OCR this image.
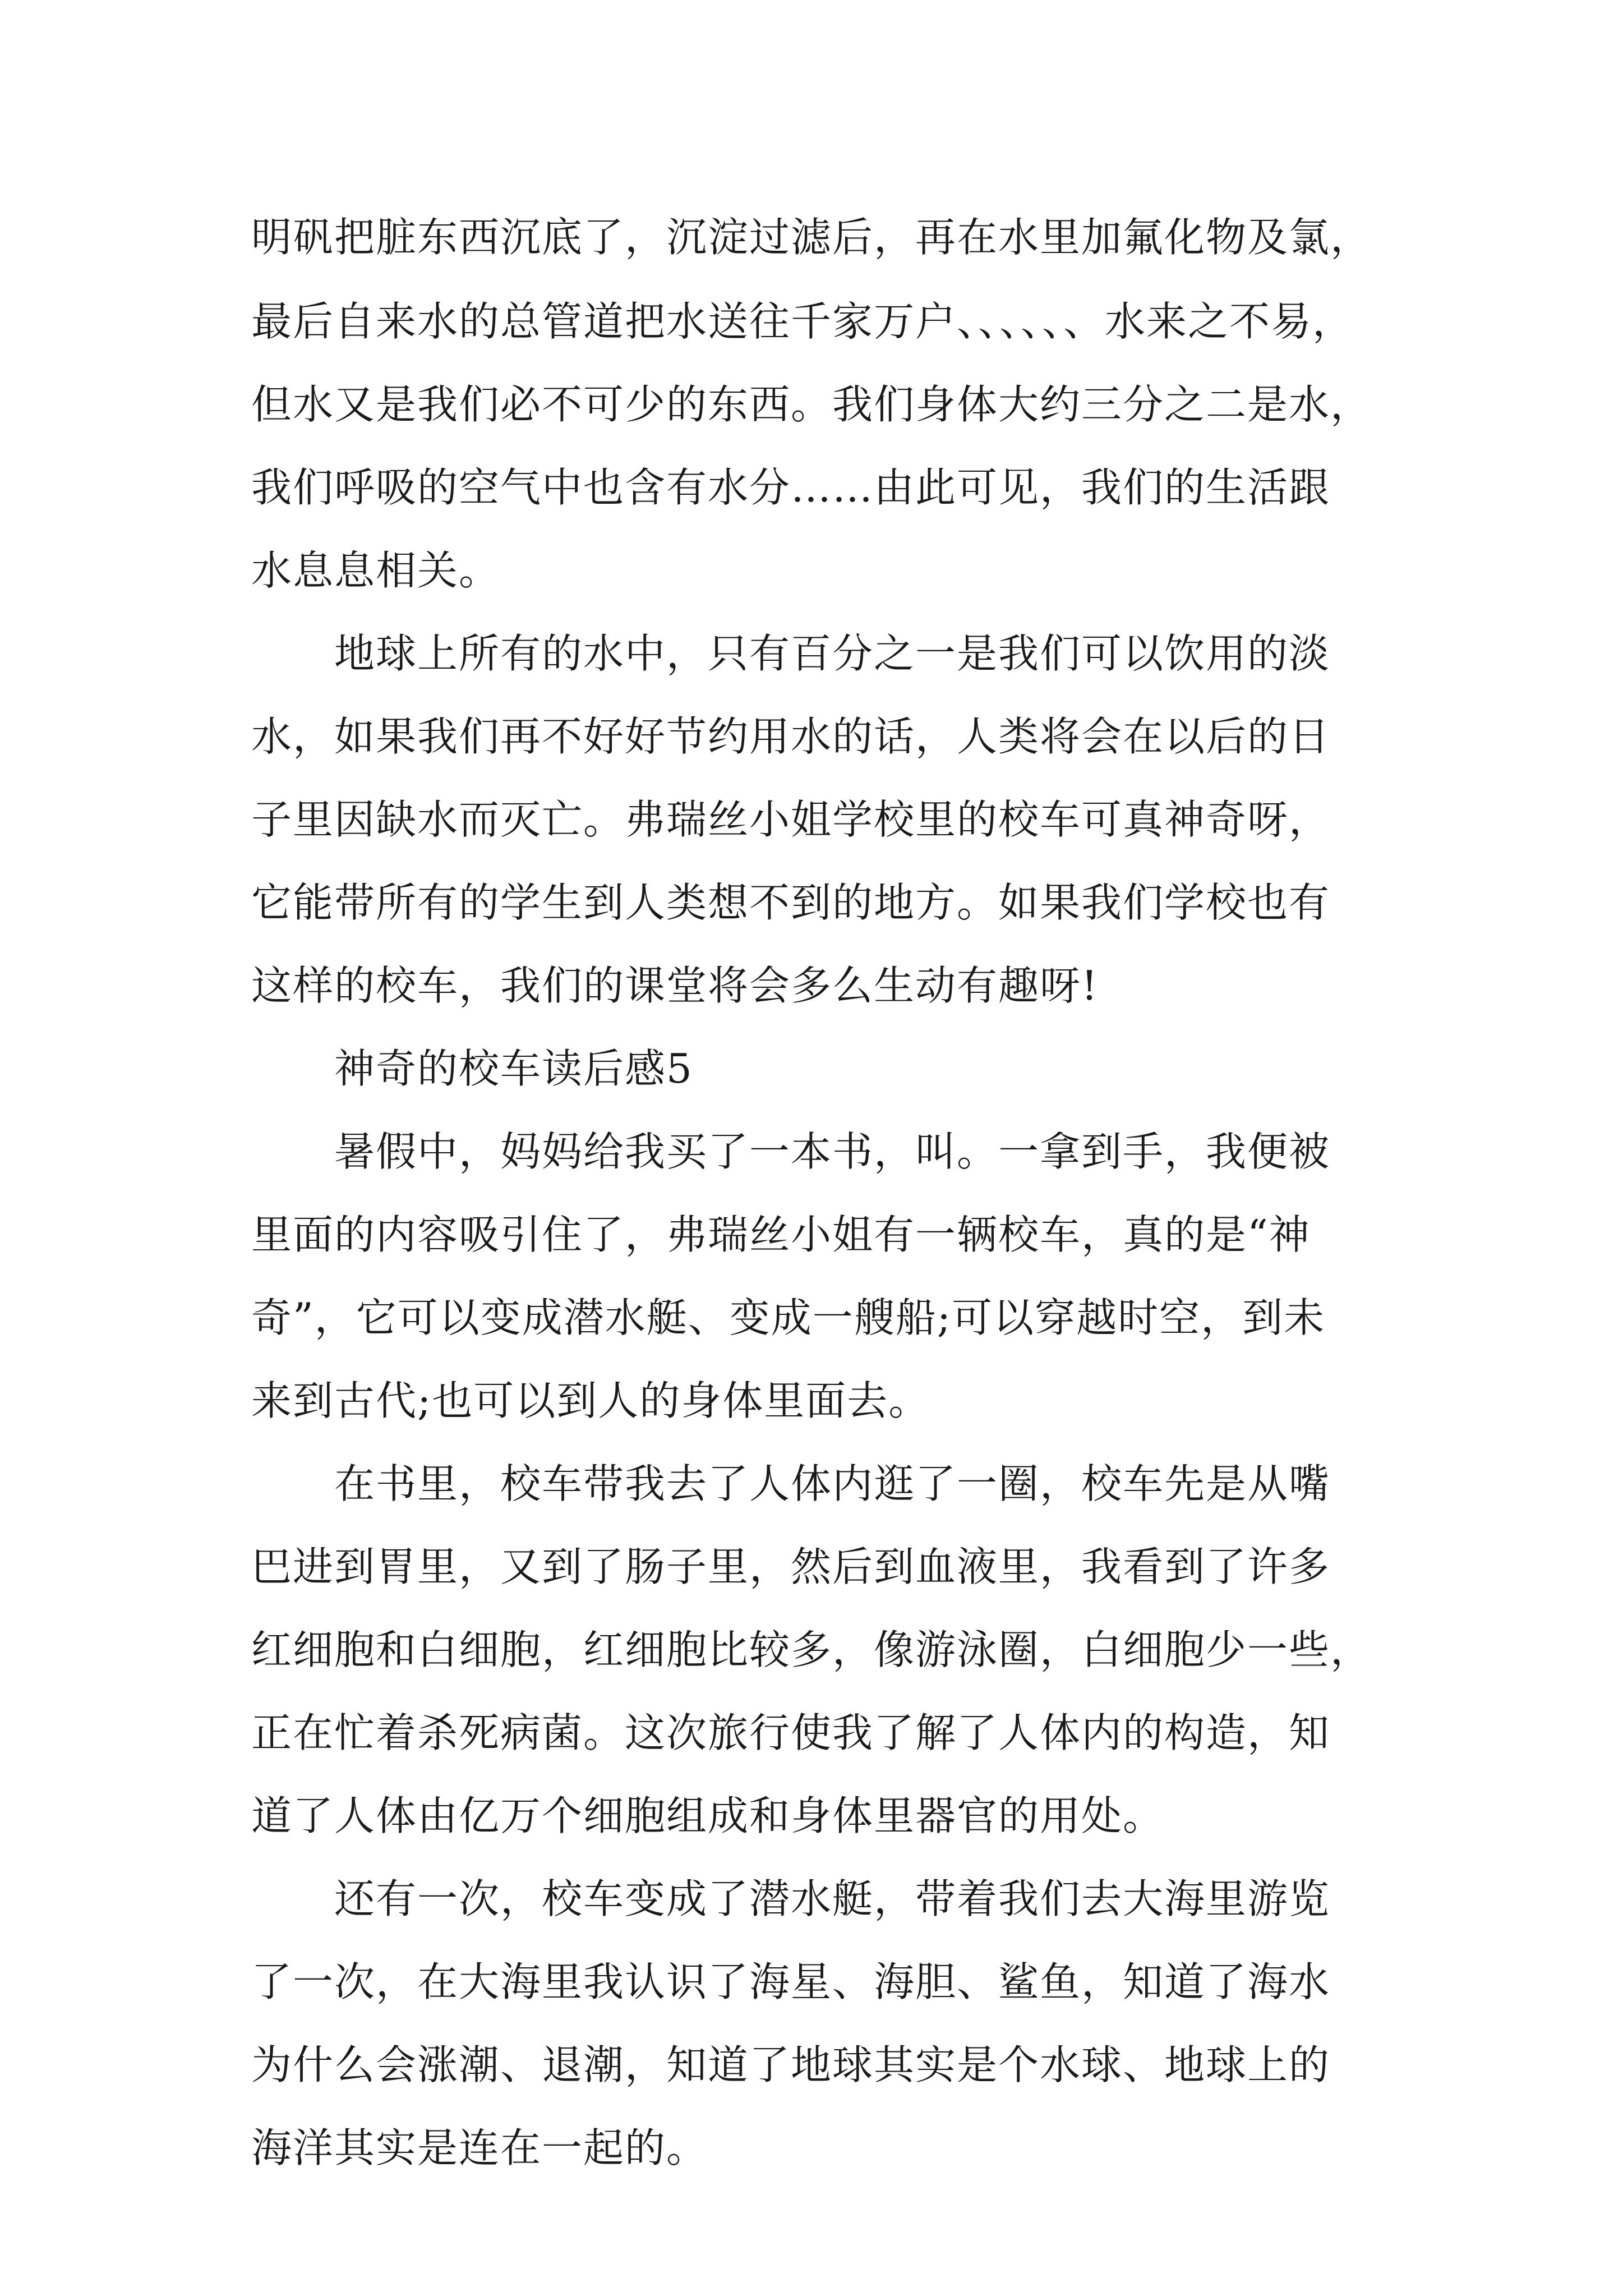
明矾把脏东西沉底了，沉淀过滤后，再在水里加氟化物及氯，
最后自来水的总管道把水送往千家万户、、、、、、水来之不易，
但水又是我们必不可少的东西。我们身体大约三分之二是水，
我们呼吸的空气中也含有水分……由此可见，我们的生活跟
水息息相关。
　　地球上所有的水中，只有百分之一是我们可以饮用的淡
水，如果我们再不好好节约用水的话，人类将会在以后的日
子里因缺水而灭亡。弗瑞丝小姐学校里的校车可真神奇呀，
它能带所有的学生到人类想不到的地方。如果我们学校也有
这样的校车，我们的课堂将会多么生动有趣呀!
　　神奇的校车读后感5
　　暑假中，妈妈给我买了一本书，叫。一拿到手，我便被
里面的内容吸引住了，弗瑞丝小姐有一辆校车，真的是“神
奇”，它可以变成潜水艇、变成一艘船;可以穿越时空，到未
来到古代;也可以到人的身体里面去。
　　在书里，校车带我去了人体内逛了一圈，校车先是从嘴
巴进到胃里，又到了肠子里，然后到血液里，我看到了许多
红细胞和白细胞，红细胞比较多，像游泳圈，白细胞少一些，
正在忙着杀死病菌。这次旅行使我了解了人体内的构造，知
道了人体由亿万个细胞组成和身体里器官的用处。
　　还有一次，校车变成了潜水艇，带着我们去大海里游览
了一次，在大海里我认识了海星、海胆、鲨鱼，知道了海水
为什么会涨潮、退潮，知道了地球其实是个水球、地球上的
海洋其实是连在一起的。
